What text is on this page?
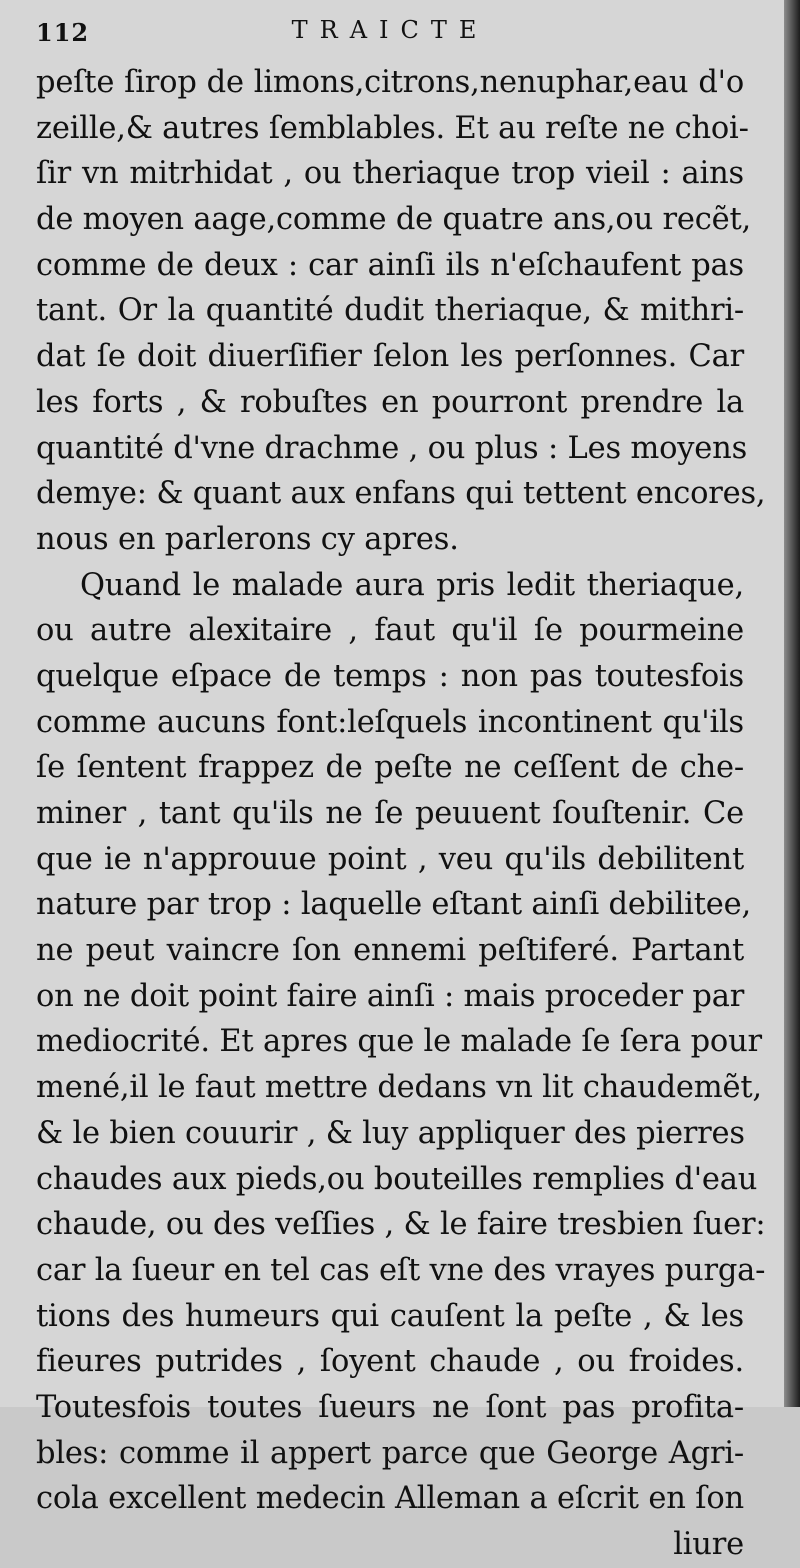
112	TRAICTE
peſte ſirop de limons,citrons,nenuphar,eau d'o
zeille,& autres ſemblables. Et au reſte ne choi-
ſir vn mitrhidat , ou theriaque trop vieil : ains
de moyen aage,comme de quatre ans,ou recẽt,
comme de deux : car ainſi ils n'eſchaufent pas
tant. Or la quantité dudit theriaque, & mithri-
dat ſe doit diuerſifier ſelon les perſonnes. Car
les forts , & robuſtes en pourront prendre la
quantité d'vne drachme , ou plus : Les moyens
demye: & quant aux enfans qui tettent encores,
nous en parlerons cy apres.
Quand le malade aura pris ledit theriaque,
ou autre alexitaire , faut qu'il ſe pourmeine
quelque eſpace de temps : non pas toutesfois
comme aucuns font:leſquels incontinent qu'ils
ſe ſentent frappez de peſte ne ceſſent de che-
miner , tant qu'ils ne ſe peuuent ſouſtenir. Ce
que ie n'approuue point , veu qu'ils debilitent
nature par trop : laquelle eſtant ainſi debilitee,
ne peut vaincre ſon ennemi peſtiferé. Partant
on ne doit point faire ainſi : mais proceder par
mediocrité. Et apres que le malade ſe ſera pour
mené,il le faut mettre dedans vn lit chaudemẽt,
& le bien couurir , & luy appliquer des pierres
chaudes aux pieds,ou bouteilles remplies d'eau
chaude, ou des veſſies , & le faire tresbien ſuer:
car la ſueur en tel cas eſt vne des vrayes purga-
tions des humeurs qui cauſent la peſte , & les
fieures putrides , ſoyent chaude , ou froides.
Toutesfois toutes ſueurs ne ſont pas profita-
bles: comme il appert parce que George Agri-
cola excellent medecin Alleman a eſcrit en ſon
liure
